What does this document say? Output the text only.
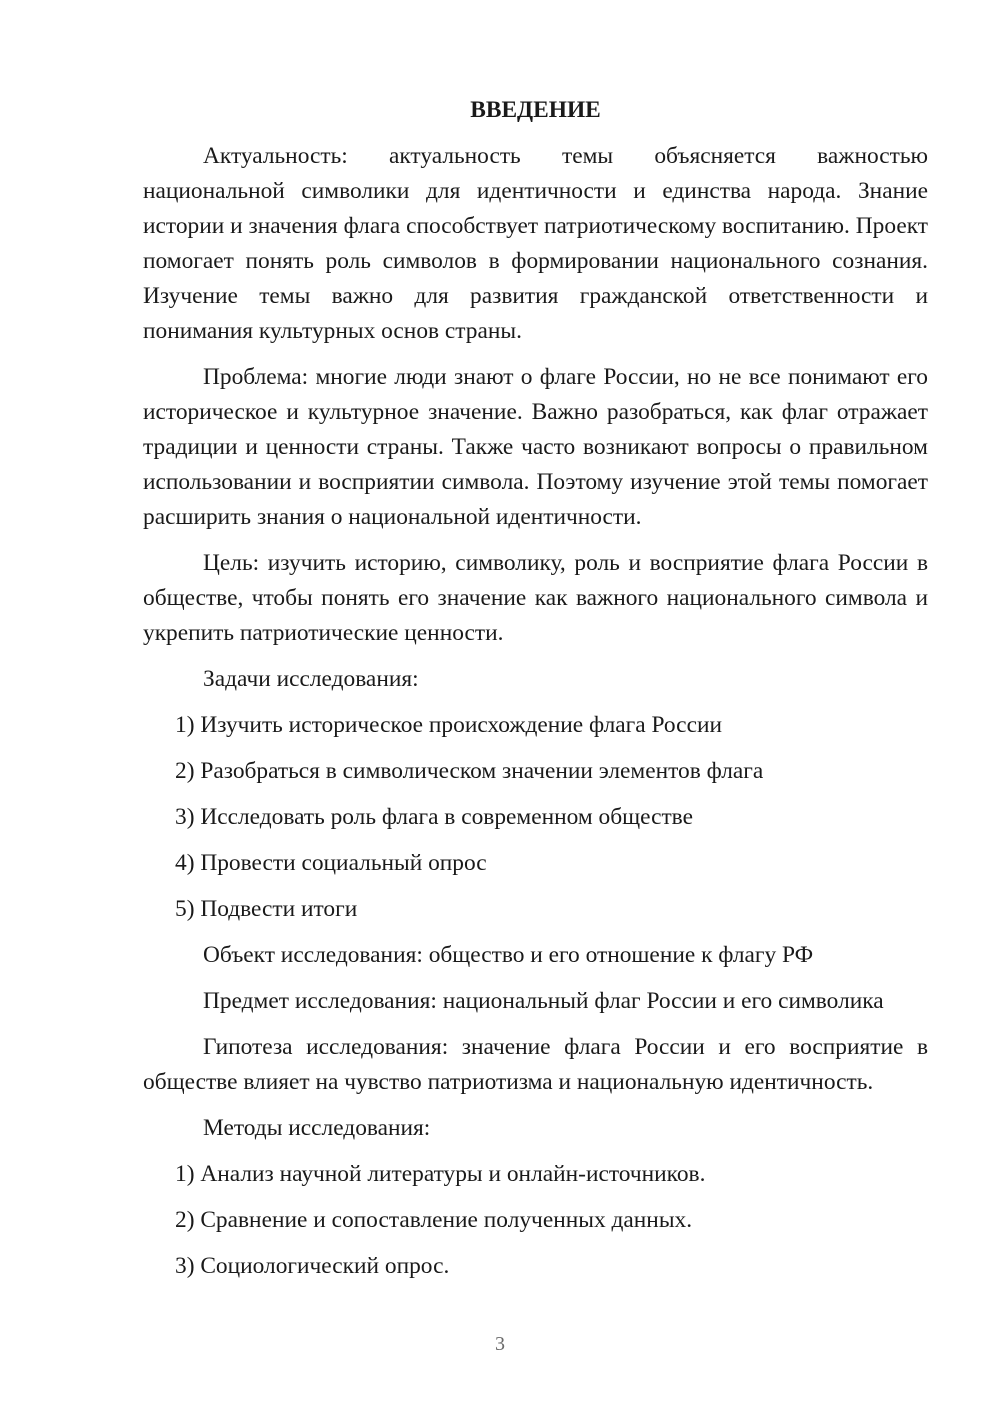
ВВЕДЕНИЕ

Актуальность: актуальность темы объясняется важностью национальной символики для идентичности и единства народа. Знание истории и значения флага способствует патриотическому воспитанию. Проект помогает понять роль символов в формировании национального сознания. Изучение темы важно для развития гражданской ответственности и понимания культурных основ страны.

Проблема: многие люди знают о флаге России, но не все понимают его историческое и культурное значение. Важно разобраться, как флаг отражает традиции и ценности страны. Также часто возникают вопросы о правильном использовании и восприятии символа. Поэтому изучение этой темы помогает расширить знания о национальной идентичности.

Цель: изучить историю, символику, роль и восприятие флага России в обществе, чтобы понять его значение как важного национального символа и укрепить патриотические ценности.

Задачи исследования:

1) Изучить историческое происхождение флага России

2) Разобраться в символическом значении элементов флага

3) Исследовать роль флага в современном обществе

4) Провести социальный опрос

5) Подвести итоги

Объект исследования: общество и его отношение к флагу РФ

Предмет исследования: национальный флаг России и его символика

Гипотеза исследования: значение флага России и его восприятие в обществе влияет на чувство патриотизма и национальную идентичность.

Методы исследования:

1) Анализ научной литературы и онлайн-источников.

2) Сравнение и сопоставление полученных данных.

3) Социологический опрос.

3
